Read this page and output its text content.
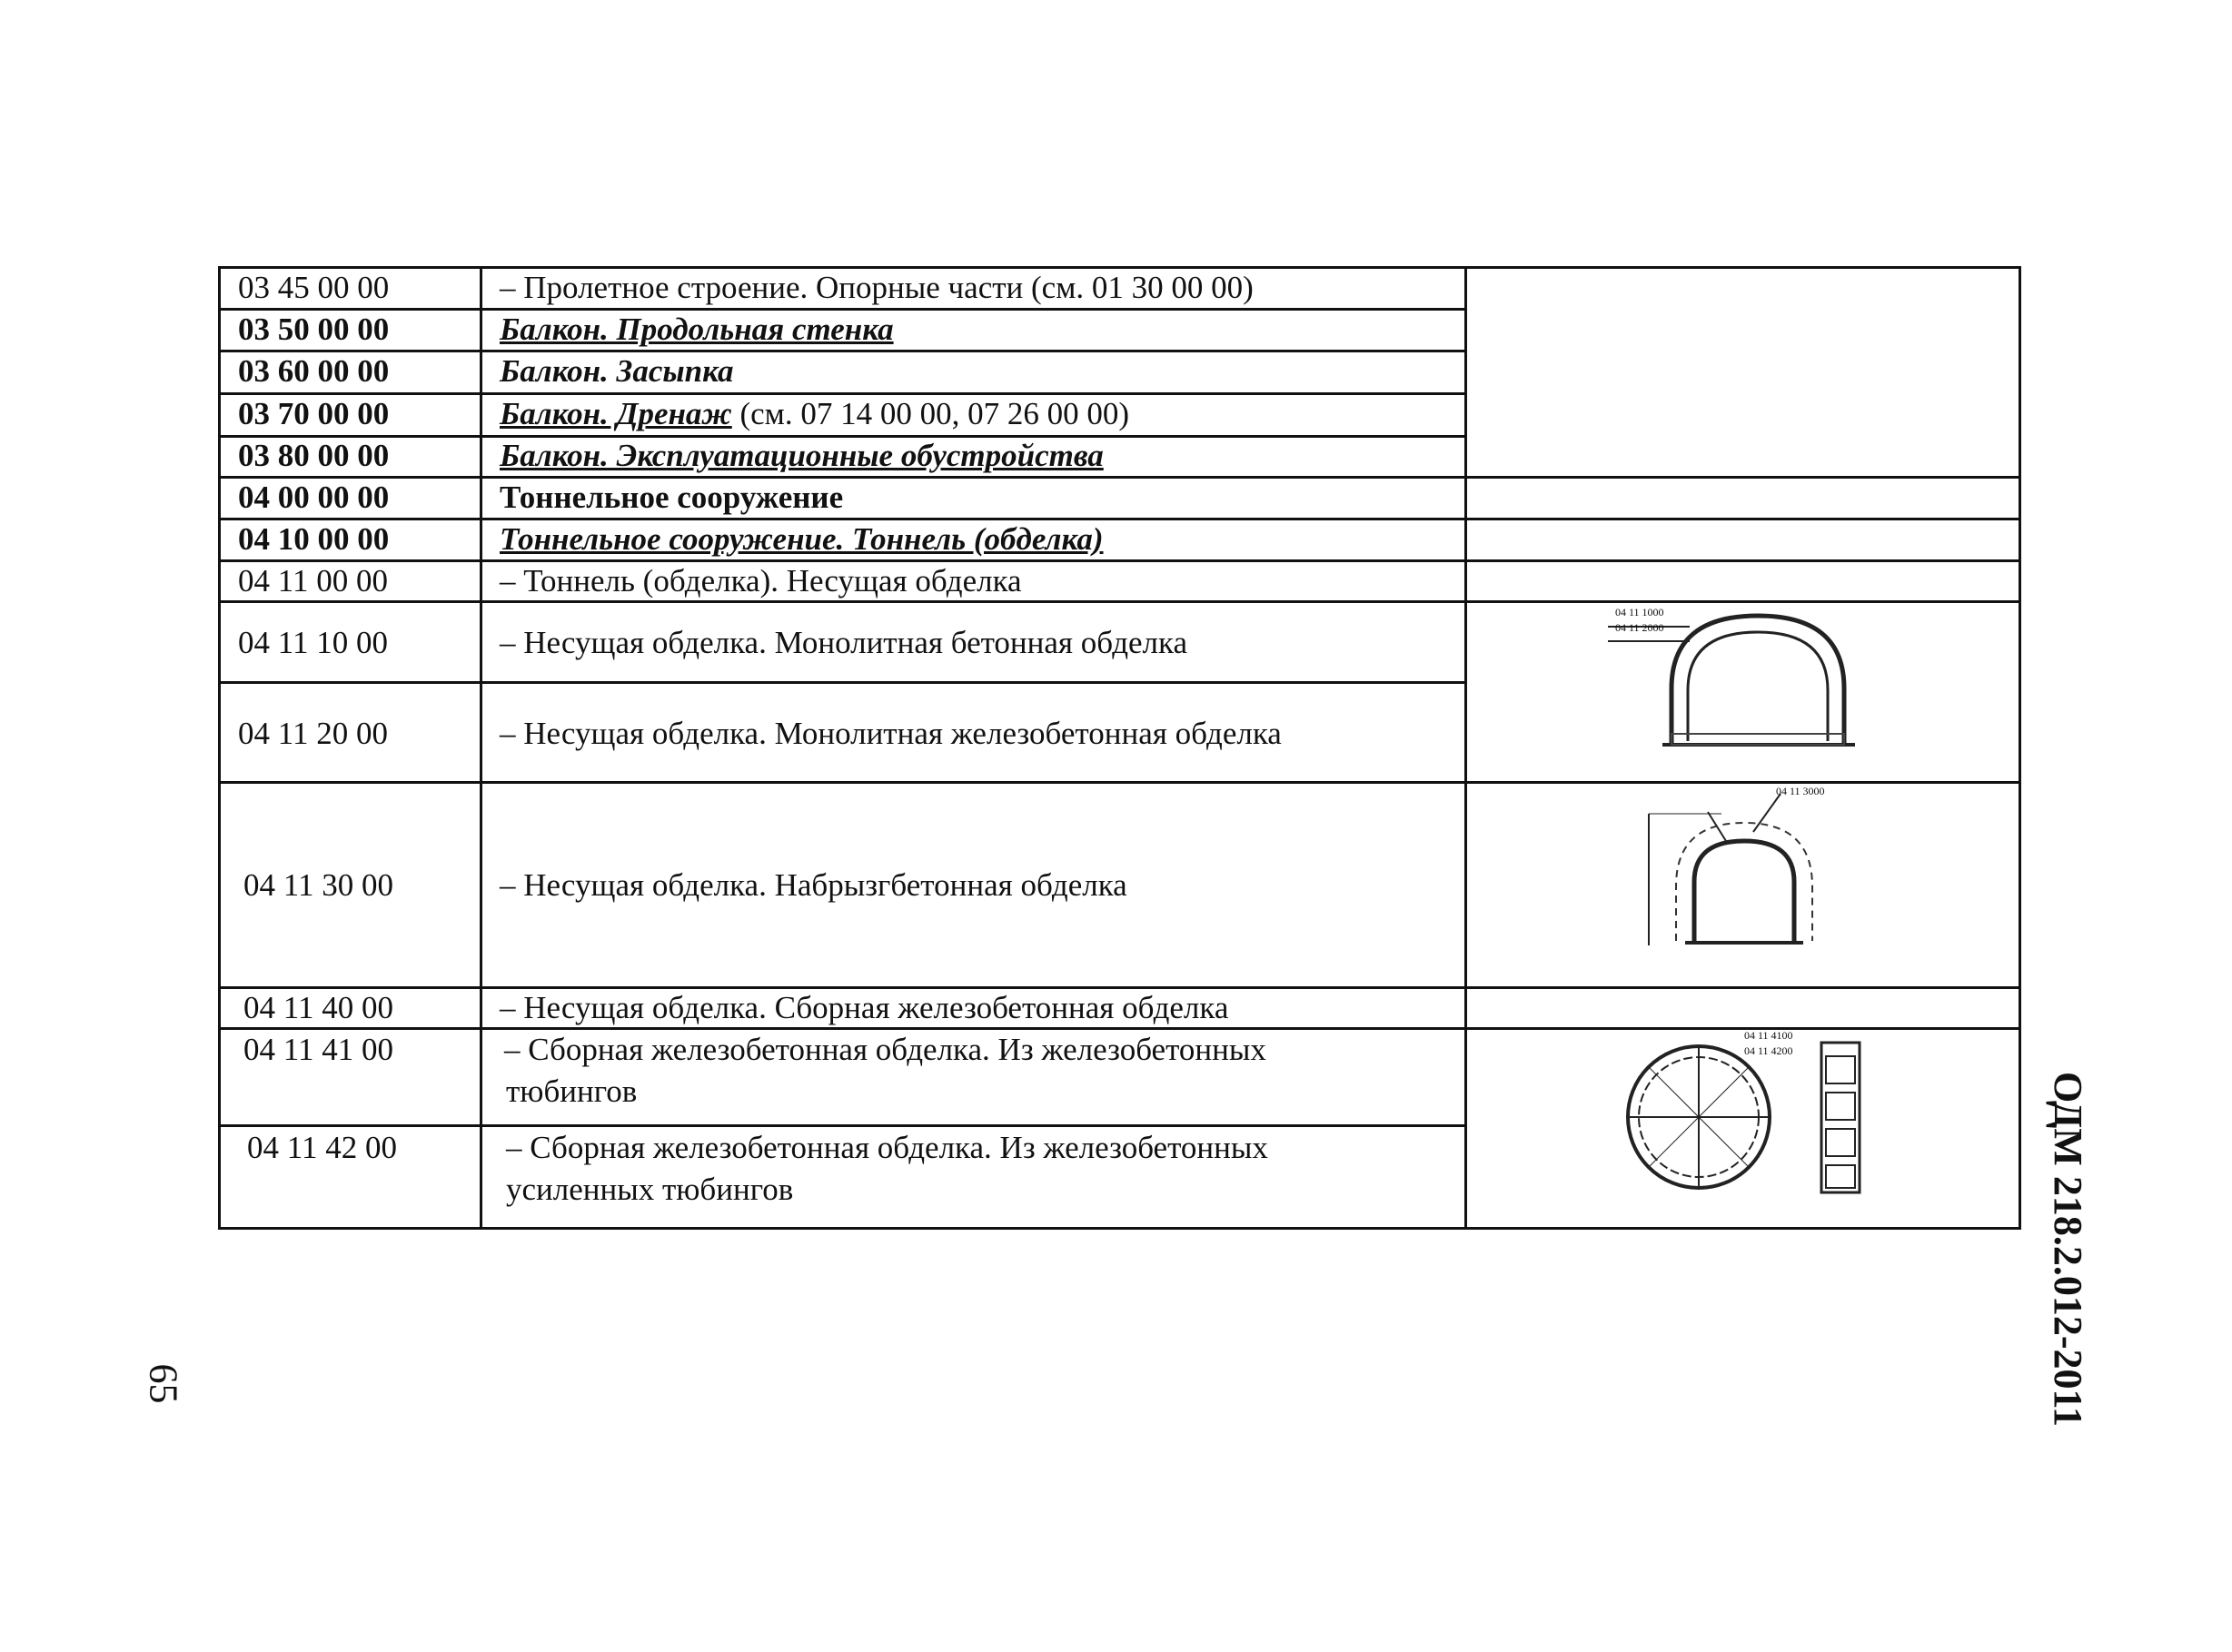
03 45 00 00	– Пролетное строение. Опорные части (см. 01 30 00 00)
03 50 00 00	Балкон. Продольная стенка
03 60 00 00	Балкон. Засыпка
03 70 00 00	Балкон. Дренаж (см. 07 14 00 00, 07 26 00 00)
03 80 00 00	Балкон. Эксплуатационные обустройства
04 00 00 00	Тоннельное сооружение
04 10 00 00	Тоннельное сооружение. Тоннель (обделка)
04 11 00 00	– Тоннель (обделка). Несущая обделка
04 11 10 00	– Несущая обделка. Монолитная бетонная обделка
04 11 20 00	– Несущая обделка. Монолитная железобетонная обделка
04 11 30 00	– Несущая обделка. Набрызгбетонная обделка
04 11 40 00	– Несущая обделка. Сборная железобетонная обделка
04 11 41 00	– Сборная железобетонная обделка. Из железобетонных
тюбингов
04 11 42 00	– Сборная железобетонная обделка. Из железобетонных
усиленных тюбингов
04 11 1000
04 11 2000
04 11 3000
04 11 4100
04 11 4200
65	ОДМ 218.2.012-2011
